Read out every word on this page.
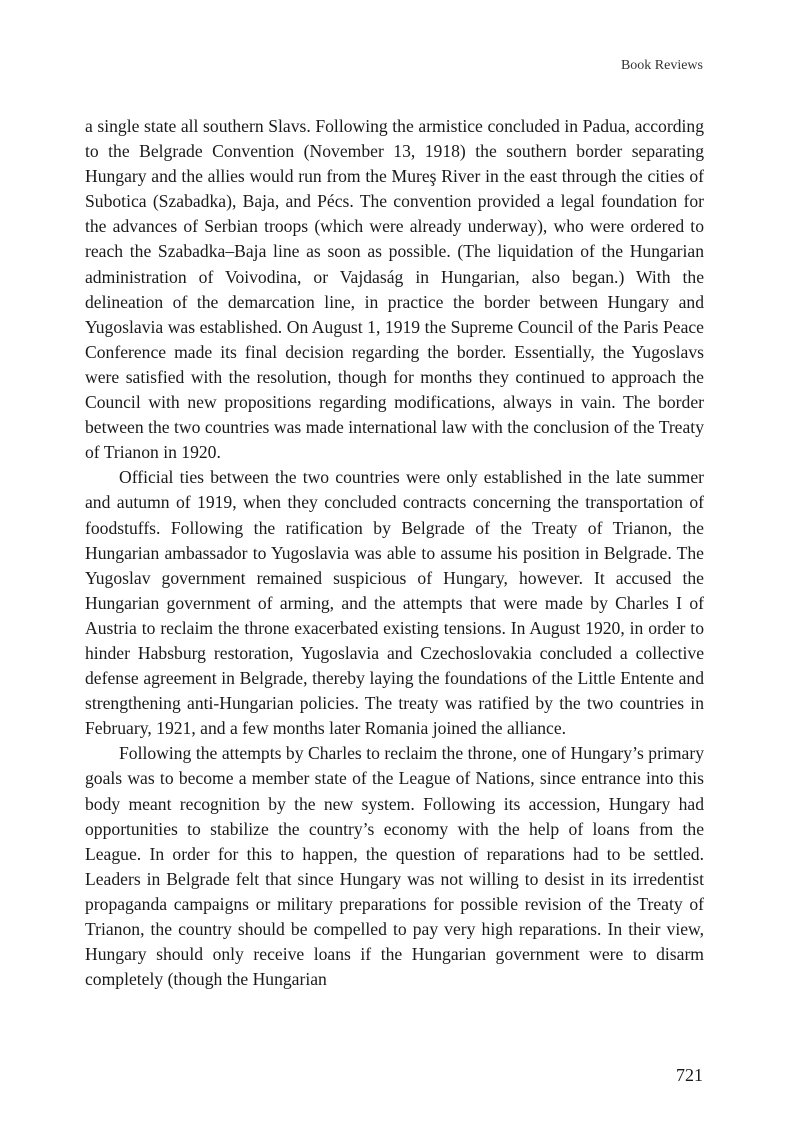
Book Reviews

a single state all southern Slavs. Following the armistice concluded in Padua, according to the Belgrade Convention (November 13, 1918) the southern border separating Hungary and the allies would run from the Mureş River in the east through the cities of Subotica (Szabadka), Baja, and Pécs. The convention provided a legal foundation for the advances of Serbian troops (which were already underway), who were ordered to reach the Szabadka–Baja line as soon as possible. (The liquidation of the Hungarian administration of Voivodina, or Vajdaság in Hungarian, also began.) With the delineation of the demarcation line, in practice the border between Hungary and Yugoslavia was established. On August 1, 1919 the Supreme Council of the Paris Peace Conference made its final decision regarding the border. Essentially, the Yugoslavs were satisfied with the resolution, though for months they continued to approach the Council with new propositions regarding modifications, always in vain. The border between the two countries was made international law with the conclusion of the Treaty of Trianon in 1920.

Official ties between the two countries were only established in the late summer and autumn of 1919, when they concluded contracts concerning the transportation of foodstuffs. Following the ratification by Belgrade of the Treaty of Trianon, the Hungarian ambassador to Yugoslavia was able to assume his position in Belgrade. The Yugoslav government remained suspicious of Hungary, however. It accused the Hungarian government of arming, and the attempts that were made by Charles I of Austria to reclaim the throne exacerbated existing tensions. In August 1920, in order to hinder Habsburg restoration, Yugoslavia and Czechoslovakia concluded a collective defense agreement in Belgrade, thereby laying the foundations of the Little Entente and strengthening anti-Hungarian policies. The treaty was ratified by the two countries in February, 1921, and a few months later Romania joined the alliance.

Following the attempts by Charles to reclaim the throne, one of Hungary’s primary goals was to become a member state of the League of Nations, since entrance into this body meant recognition by the new system. Following its accession, Hungary had opportunities to stabilize the country’s economy with the help of loans from the League. In order for this to happen, the question of reparations had to be settled. Leaders in Belgrade felt that since Hungary was not willing to desist in its irredentist propaganda campaigns or military preparations for possible revision of the Treaty of Trianon, the country should be compelled to pay very high reparations. In their view, Hungary should only receive loans if the Hungarian government were to disarm completely (though the Hungarian

721
